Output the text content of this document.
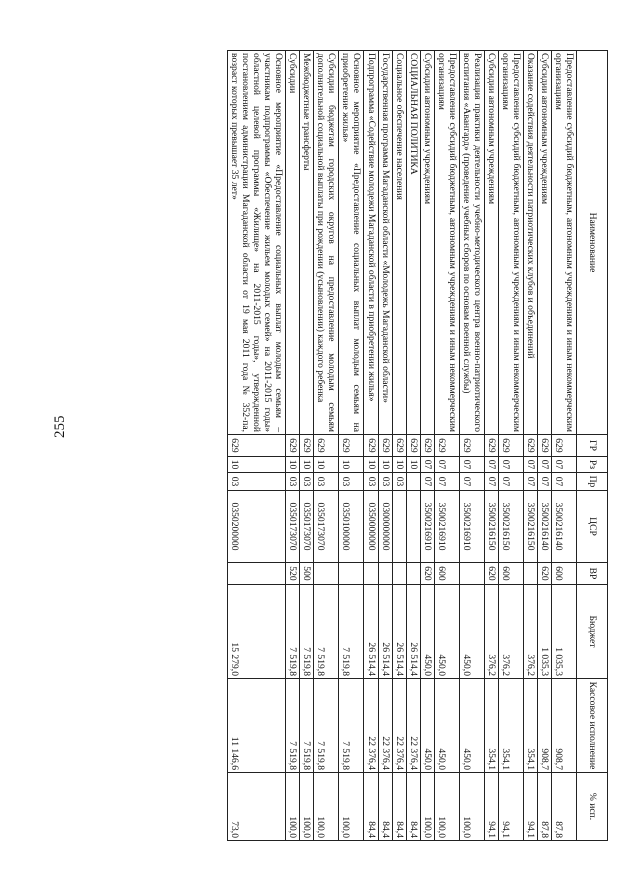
255
Наименование	ГР	Рз	Пр	ЦСР	ВР	Бюджет	Кассовое исполнение	% исп.
Предоставление субсидий бюджетным, автономным учреждениям и иным некоммерческим организациям	629	07	07	3500216140	600	1 035,3	908,7	87,8
Субсидии автономным учреждениям	629	07	07	3500216140	620	1 035,3	908,7	87,8
Оказание содействия деятельности патриотических клубов и объединений	629	07	07	3500216150		376,2	354,1	94,1
Предоставление субсидий бюджетным, автономным учреждениям и иным некоммерческим организациям	629	07	07	3500216150	600	376,2	354,1	94,1
Субсидии автономным учреждениям	629	07	07	3500216150	620	376,2	354,1	94,1
Реализация практики деятельности учебно-методического центра военно-патриотического воспитания «Авангард» (проведение учебных сборов по основам военной службы)	629	07	07	3500216910		450,0	450,0	100,0
Предоставление субсидий бюджетным, автономным учреждениям и иным некоммерческим организациям	629	07	07	3500216910	600	450,0	450,0	100,0
Субсидии автономным учреждениям	629	07	07	3500216910	620	450,0	450,0	100,0
СОЦИАЛЬНАЯ ПОЛИТИКА	629	10				26 514,4	22 376,4	84,4
Социальное обеспечение населения	629	10	03			26 514,4	22 376,4	84,4
Государственная программа Магаданской области «Молодежь Магаданской области»	629	10	03	0300000000		26 514,4	22 376,4	84,4
Подпрограмма «Содействие молодежи Магаданской области в приобретении жилья»	629	10	03	0350000000		26 514,4	22 376,4	84,4
Основное мероприятие «Предоставление социальных выплат молодым семьям на приобретение жилья»	629	10	03	0350100000		7 519,8	7 519,8	100,0
Субсидии бюджетам городских округов на предоставление молодым семьям дополнительной социальной выплаты при рождении (усыновлении) каждого ребенка	629	10	03	0350173070		7 519,8	7 519,8	100,0
Межбюджетные трансферты	629	10	03	0350173070	500	7 519,8	7 519,8	100,0
Субсидии	629	10	03	0350173070	520	7 519,8	7 519,8	100,0
Основное мероприятие «Предоставление социальных выплат молодым семьям – участникам подпрограммы «Обеспечение жильем молодых семей» на 2011-2015 годы» областной целевой программы «Жилище» на 2011-2015 годы», утвержденной постановлением администрации Магаданской области от 19 мая 2011 года № 352-па, возраст которых превышает 35 лет»	629	10	03	0350200000		15 279,0	11 146,6	73,0
